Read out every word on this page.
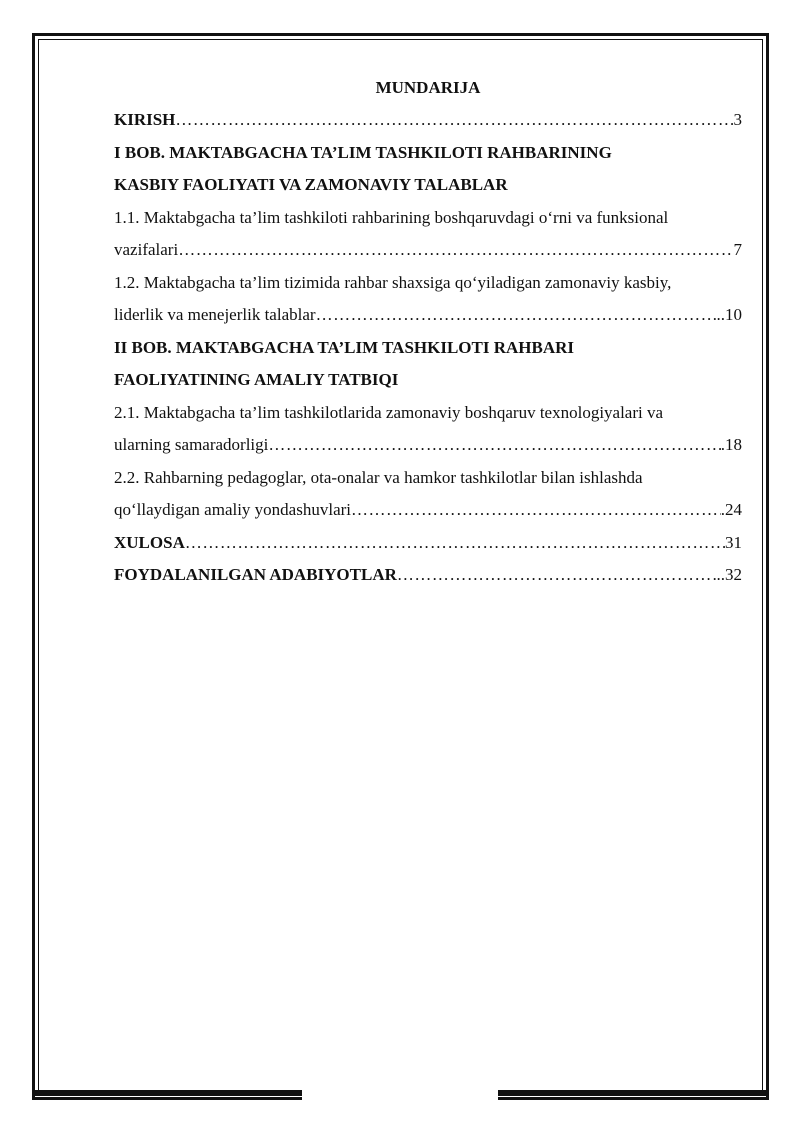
MUNDARIJA
KIRISH ……………………………………………………………………………………………………………………………………………	3
I BOB. MAKTABGACHA TA’LIM TASHKILOTI RAHBARINING
KASBIY FAOLIYATI VA ZAMONAVIY TALABLAR
1.1. Maktabgacha ta’lim tashkiloti rahbarining boshqaruvdagi o‘rni va funksional
vazifalari ……………………………………………………………………………………………………………………………………………	7
1.2. Maktabgacha ta’lim tizimida rahbar shaxsiga qo‘yiladigan zamonaviy kasbiy,
liderlik va menejerlik talablar ……………………………………………………………………………………………………………………………………………	..10
II BOB. MAKTABGACHA TA’LIM TASHKILOTI RAHBARI
FAOLIYATINING AMALIY TATBIQI
2.1. Maktabgacha ta’lim tashkilotlarida zamonaviy boshqaruv texnologiyalari va
ularning samaradorligi ……………………………………………………………………………………………………………………………………………	.18
2.2. Rahbarning pedagoglar, ota-onalar va hamkor tashkilotlar bilan ishlashda
qo‘llaydigan amaliy yondashuvlari ……………………………………………………………………………………………………………………………………………	.24
XULOSA ……………………………………………………………………………………………………………………………………………	31
FOYDALANILGAN ADABIYOTLAR ……………………………………………………………………………………………………………………………………………	..32
